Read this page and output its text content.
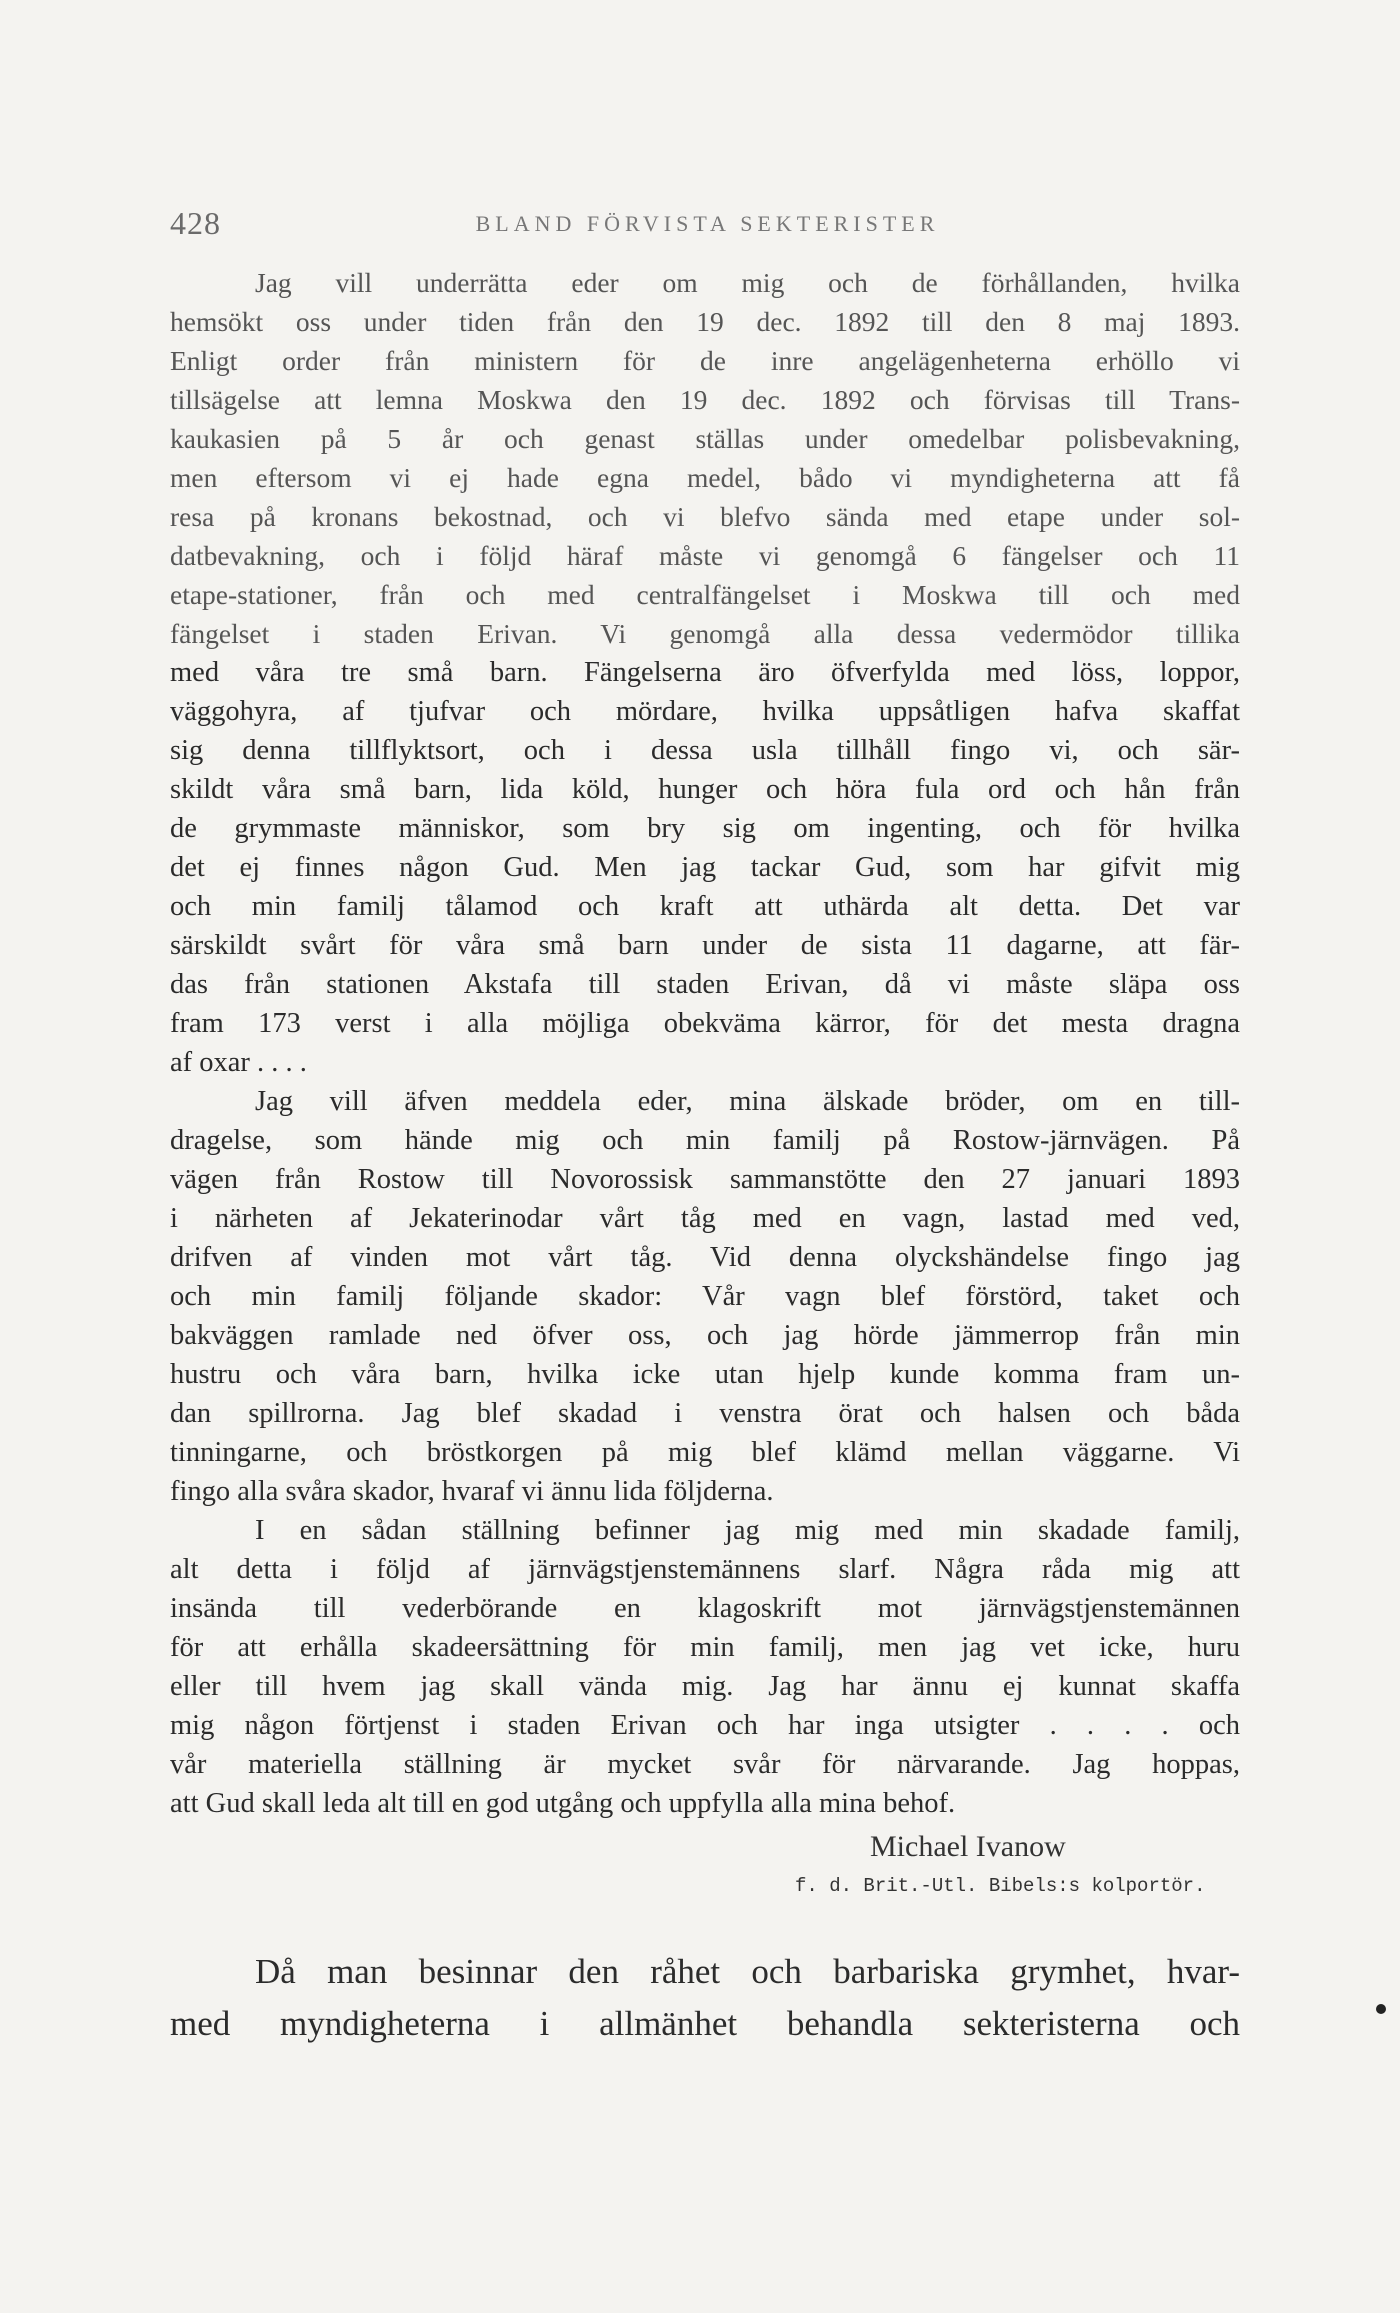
428	BLAND FÖRVISTA SEKTERISTER
Jag vill underrätta eder om mig och de förhållanden, hvilka
hemsökt oss under tiden från den 19 dec. 1892 till den 8 maj 1893.
Enligt order från ministern för de inre angelägenheterna erhöllo vi
tillsägelse att lemna Moskwa den 19 dec. 1892 och förvisas till Trans-
kaukasien på 5 år och genast ställas under omedelbar polisbevakning,
men eftersom vi ej hade egna medel, bådo vi myndigheterna att få
resa på kronans bekostnad, och vi blefvo sända med etape under sol-
datbevakning, och i följd häraf måste vi genomgå 6 fängelser och 11
etape-stationer, från och med centralfängelset i Moskwa till och med
fängelset i staden Erivan. Vi genomgå alla dessa vedermödor tillika
med våra tre små barn. Fängelserna äro öfverfylda med löss, loppor,
väggohyra, af tjufvar och mördare, hvilka uppsåtligen hafva skaffat
sig denna tillflyktsort, och i dessa usla tillhåll fingo vi, och sär-
skildt våra små barn, lida köld, hunger och höra fula ord och hån från
de grymmaste människor, som bry sig om ingenting, och för hvilka
det ej finnes någon Gud. Men jag tackar Gud, som har gifvit mig
och min familj tålamod och kraft att uthärda alt detta. Det var
särskildt svårt för våra små barn under de sista 11 dagarne, att fär-
das från stationen Akstafa till staden Erivan, då vi måste släpa oss
fram 173 verst i alla möjliga obekväma kärror, för det mesta dragna
af oxar . . . .
Jag vill äfven meddela eder, mina älskade bröder, om en till-
dragelse, som hände mig och min familj på Rostow-järnvägen. På
vägen från Rostow till Novorossisk sammanstötte den 27 januari 1893
i närheten af Jekaterinodar vårt tåg med en vagn, lastad med ved,
drifven af vinden mot vårt tåg. Vid denna olyckshändelse fingo jag
och min familj följande skador: Vår vagn blef förstörd, taket och
bakväggen ramlade ned öfver oss, och jag hörde jämmerrop från min
hustru och våra barn, hvilka icke utan hjelp kunde komma fram un-
dan spillrorna. Jag blef skadad i venstra örat och halsen och båda
tinningarne, och bröstkorgen på mig blef klämd mellan väggarne. Vi
fingo alla svåra skador, hvaraf vi ännu lida följderna.
I en sådan ställning befinner jag mig med min skadade familj,
alt detta i följd af järnvägstjenstemännens slarf. Några råda mig att
insända till vederbörande en klagoskrift mot järnvägstjenstemännen
för att erhålla skadeersättning för min familj, men jag vet icke, huru
eller till hvem jag skall vända mig. Jag har ännu ej kunnat skaffa
mig någon förtjenst i staden Erivan och har inga utsigter . . . . och
vår materiella ställning är mycket svår för närvarande. Jag hoppas,
att Gud skall leda alt till en god utgång och uppfylla alla mina behof.
Michael Ivanow
f. d. Brit.-Utl. Bibels:s kolportör.
Då man besinnar den råhet och barbariska grymhet, hvar-
med myndigheterna i allmänhet behandla sekteristerna och
